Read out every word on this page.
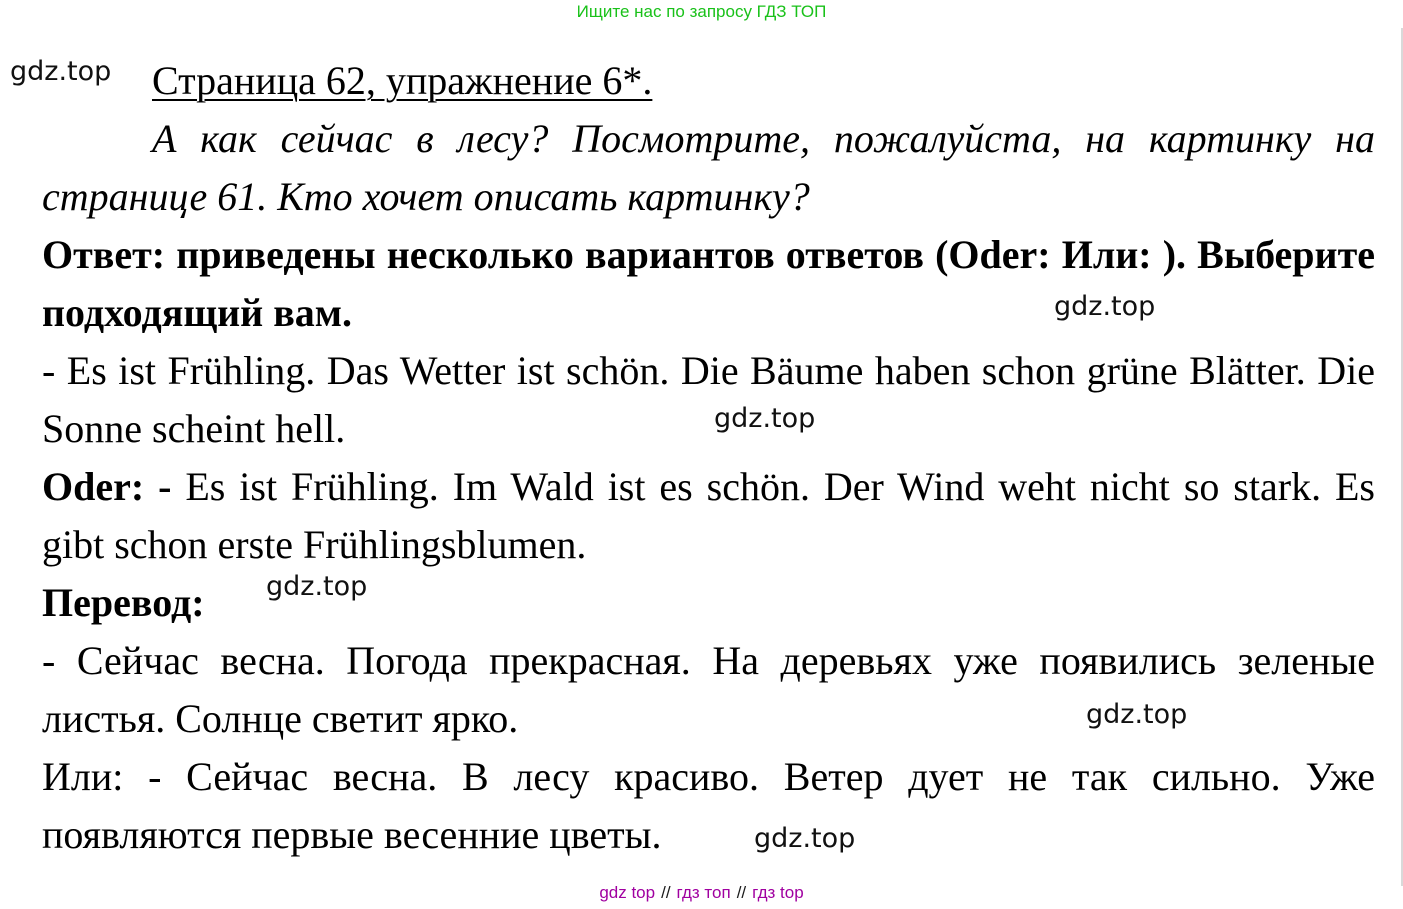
Ищите нас по запросу ГДЗ ТОП
gdz.top
gdz.top
gdz.top
gdz.top
gdz.top
gdz.top

Страница 62, упражнение 6*.

А как сейчас в лесу? Посмотрите, пожалуйста, на картинку на странице 61. Кто хочет описать картинку?

Ответ: приведены несколько вариантов ответов (Oder: Или: ). Выберите подходящий вам.

- Es ist Frühling. Das Wetter ist schön. Die Bäume haben schon grüne Blätter. Die Sonne scheint hell.

Oder: - Es ist Frühling. Im Wald ist es schön. Der Wind weht nicht so stark. Es gibt schon erste Frühlingsblumen.

Перевод:

- Сейчас весна. Погода прекрасная. На деревьях уже появились зеленые листья. Солнце светит ярко.

Или: - Сейчас весна. В лесу красиво. Ветер дует не так сильно. Уже появляются первые весенние цветы.

gdz top // гдз топ // гдз top
